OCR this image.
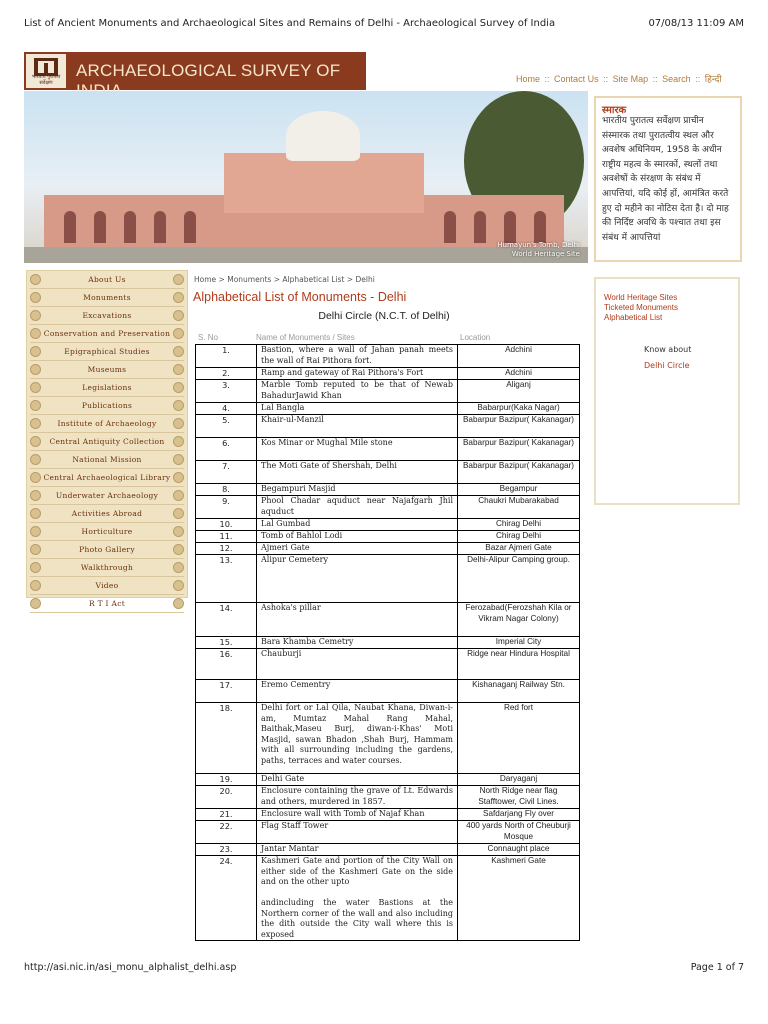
List of Ancient Monuments and Archaeological Sites and Remains of Delhi - Archaeological Survey of India	07/08/13 11:09 AM
भारतीय पुरातत्व सर्वेक्षण
ARCHAEOLOGICAL SURVEY OF	Home :: Contact Us :: Site Map :: Search :: हिन्दी
Humayun's Tomb, Delhi
World Heritage Site
स्मारक
भारतीय पुरातत्व सर्वेक्षण प्राचीन संस्मारक तथा पुरातत्वीय स्थल और अवशेष अधिनियम, 1958 के अधीन राष्ट्रीय महत्व के स्मारकों, स्थलों तथा अवशेषों के संरक्षण के संबंध में आपत्तियां, यदि कोई हों, आमंत्रित करते हुए दो महीने का नोटिस देता है। दो माह की निर्दिष्ट अवधि के पश्चात तथा इस संबंध में आपत्तियां
About Us
Monuments
Excavations
Conservation and Preservation
Epigraphical Studies
Museums
Legislations
Publications
Institute of Archaeology
Central Antiquity Collection
National Mission
Central Archaeological Library
Underwater Archaeology
Activities Abroad
Horticulture
Photo Gallery
Walkthrough
Video
R T I Act
Home > Monuments > Alphabetical List > Delhi
Alphabetical List of Monuments - Delhi
Delhi Circle (N.C.T. of Delhi)
S. No	Name of Monuments / Sites	Location
1.	Bastion, where a wall of Jahan panah meets the wall of Rai Pithora fort.	Adchini
2.	Ramp and gateway of Rai Pithora's Fort	Adchini
3.	Marble Tomb reputed to be that of Newab BahadurJawid Khan	Aliganj
4.	Lal Bangla	Babarpur(Kaka Nagar)
5.	Khair-ul-Manzil	Babarpur Bazipur( Kakanagar)
6.	Kos Minar or Mughal Mile stone	Babarpur Bazipur( Kakanagar)
7.	The Moti Gate of Shershah, Delhi	Babarpur Bazipur( Kakanagar)
8.	Begampuri Masjid	Begampur
9.	Phool Chadar aquduct near Najafgarh Jhil aquduct	Chaukri Mubarakabad
10.	Lal Gumbad	Chirag Delhi
11.	Tomb of Bahlol Lodi	Chirag Delhi
12.	Ajmeri Gate	Bazar Ajmeri Gate
13.	Alipur Cemetery	Delhi-Alipur Camping group.
14.	Ashoka's pillar	Ferozabad(Ferozshah Kila or Vikram Nagar Colony)
15.	Bara Khamba Cemetry	Imperial City
16.	Chauburji	Ridge near Hindura Hospital
17.	Eremo Cementry	Kishanaganj Railway Stn.
18.	Delhi fort or Lal Qila, Naubat Khana, Diwan-i-am, Mumtaz Mahal Rang Mahal, Baithak,Maseu Burj, diwan-i-Khas' Moti Masjid, sawan Bhadon ,Shah Burj, Hammam with all surrounding including the gardens, paths, terraces and water courses.	Red fort
19.	Delhi Gate	Daryaganj
20.	Enclosure containing the grave of Lt. Edwards and others, murdered in 1857.	North Ridge near flag Stafftower, Civil Lines.
21.	Enclosure wall with Tomb of Najaf Khan	Safdarjang Fly over
22.	Flag Staff Tower	400 yards North of Cheuburji Mosque
23.	Jantar Mantar	Connaught place
24.	Kashmeri Gate and portion of the City Wall on either side of the Kashmeri Gate on the side and on the other upto

andincluding the water Bastions at the Northern corner of the wall and also including the dith outside the City wall where this is exposed	Kashmeri Gate
World Heritage Sites
Ticketed Monuments
Alphabetical List
Know about
Delhi Circle
http://asi.nic.in/asi_monu_alphalist_delhi.asp	Page 1 of 7
